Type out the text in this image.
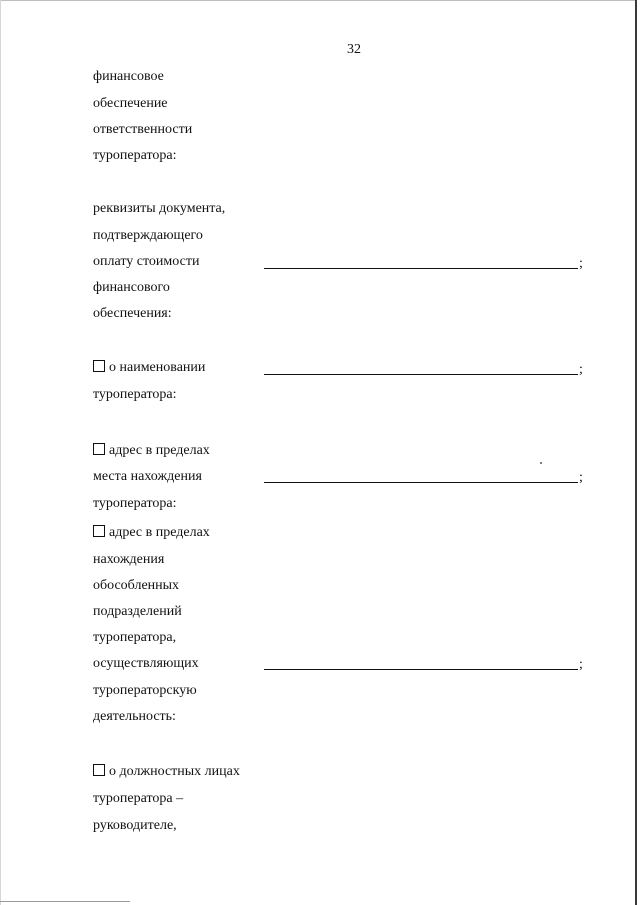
32
финансовое
обеспечение
ответственности
туроператора:
реквизиты документа,
подтверждающего
оплату стоимости
финансового
обеспечения:
;
о наименовании
туроператора:
;
адрес в пределах
места нахождения
туроператора:
;
адрес в пределах
нахождения
обособленных
подразделений
туроператора,
осуществляющих
туроператорскую
деятельность:
;
о должностных лицах
туроператора –
руководителе,
